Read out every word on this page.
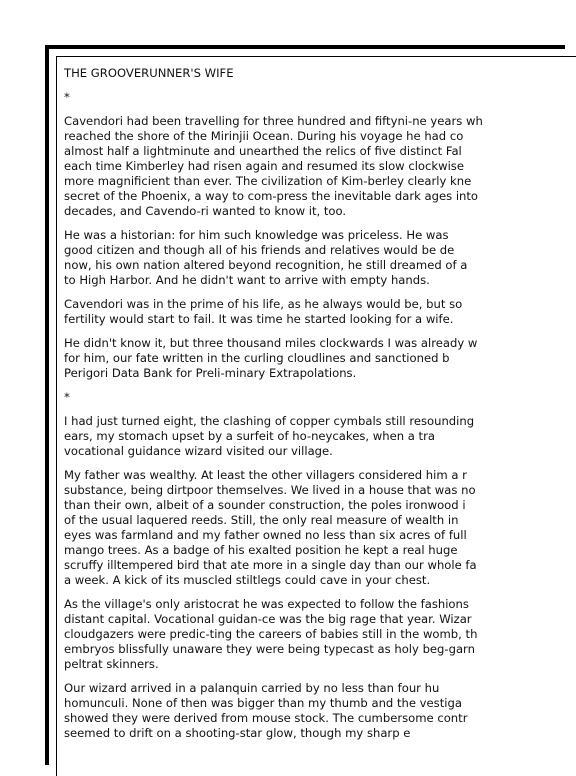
THE GROOVERUNNER'S WIFE

*

Cavendori had been travelling for three hundred and fiftyni-ne years wh
reached the shore of the Mirinjii Ocean. During his voyage he had co
almost half a lightminute and unearthed the relics of five distinct Fal
each time Kimberley had risen again and resumed its slow clockwise
more magnificient than ever. The civilization of Kim-berley clearly kne
secret of the Phoenix, a way to com-press the inevitable dark ages into
decades, and Cavendo-ri wanted to know it, too.

He was a historian: for him such knowledge was priceless. He was
good citizen and though all of his friends and relatives would be de
now, his own nation altered beyond recognition, he still dreamed of a
to High Harbor. And he didn't want to arrive with empty hands.

Cavendori was in the prime of his life, as he always would be, but so
fertility would start to fail. It was time he started looking for a wife.

He didn't know it, but three thousand miles clockwards I was already w
for him, our fate written in the curling cloudlines and sanctioned b
Perigori Data Bank for Preli-minary Extrapolations.

*

I had just turned eight, the clashing of copper cymbals still resounding
ears, my stomach upset by a surfeit of ho-neycakes, when a tra
vocational guidance wizard visited our village.

My father was wealthy. At least the other villagers considered him a r
substance, being dirtpoor themselves. We lived in a house that was no
than their own, albeit of a sounder construction, the poles ironwood i
of the usual laquered reeds. Still, the only real measure of wealth in
eyes was farmland and my father owned no less than six acres of full
mango trees. As a badge of his exalted position he kept a real huge
scruffy illtempered bird that ate more in a single day than our whole fa
a week. A kick of its muscled stiltlegs could cave in your chest.

As the village's only aristocrat he was expected to follow the fashions
distant capital. Vocational guidan-ce was the big rage that year. Wizar
cloudgazers were predic-ting the careers of babies still in the womb, th
embryos blissfully unaware they were being typecast as holy beg-garn
peltrat skinners.

Our wizard arrived in a palanquin carried by no less than four hu
homunculi. None of then was bigger than my thumb and the vestiga
showed they were derived from mouse stock. The cumbersome contr
seemed to drift on a shooting-star glow, though my sharp e
